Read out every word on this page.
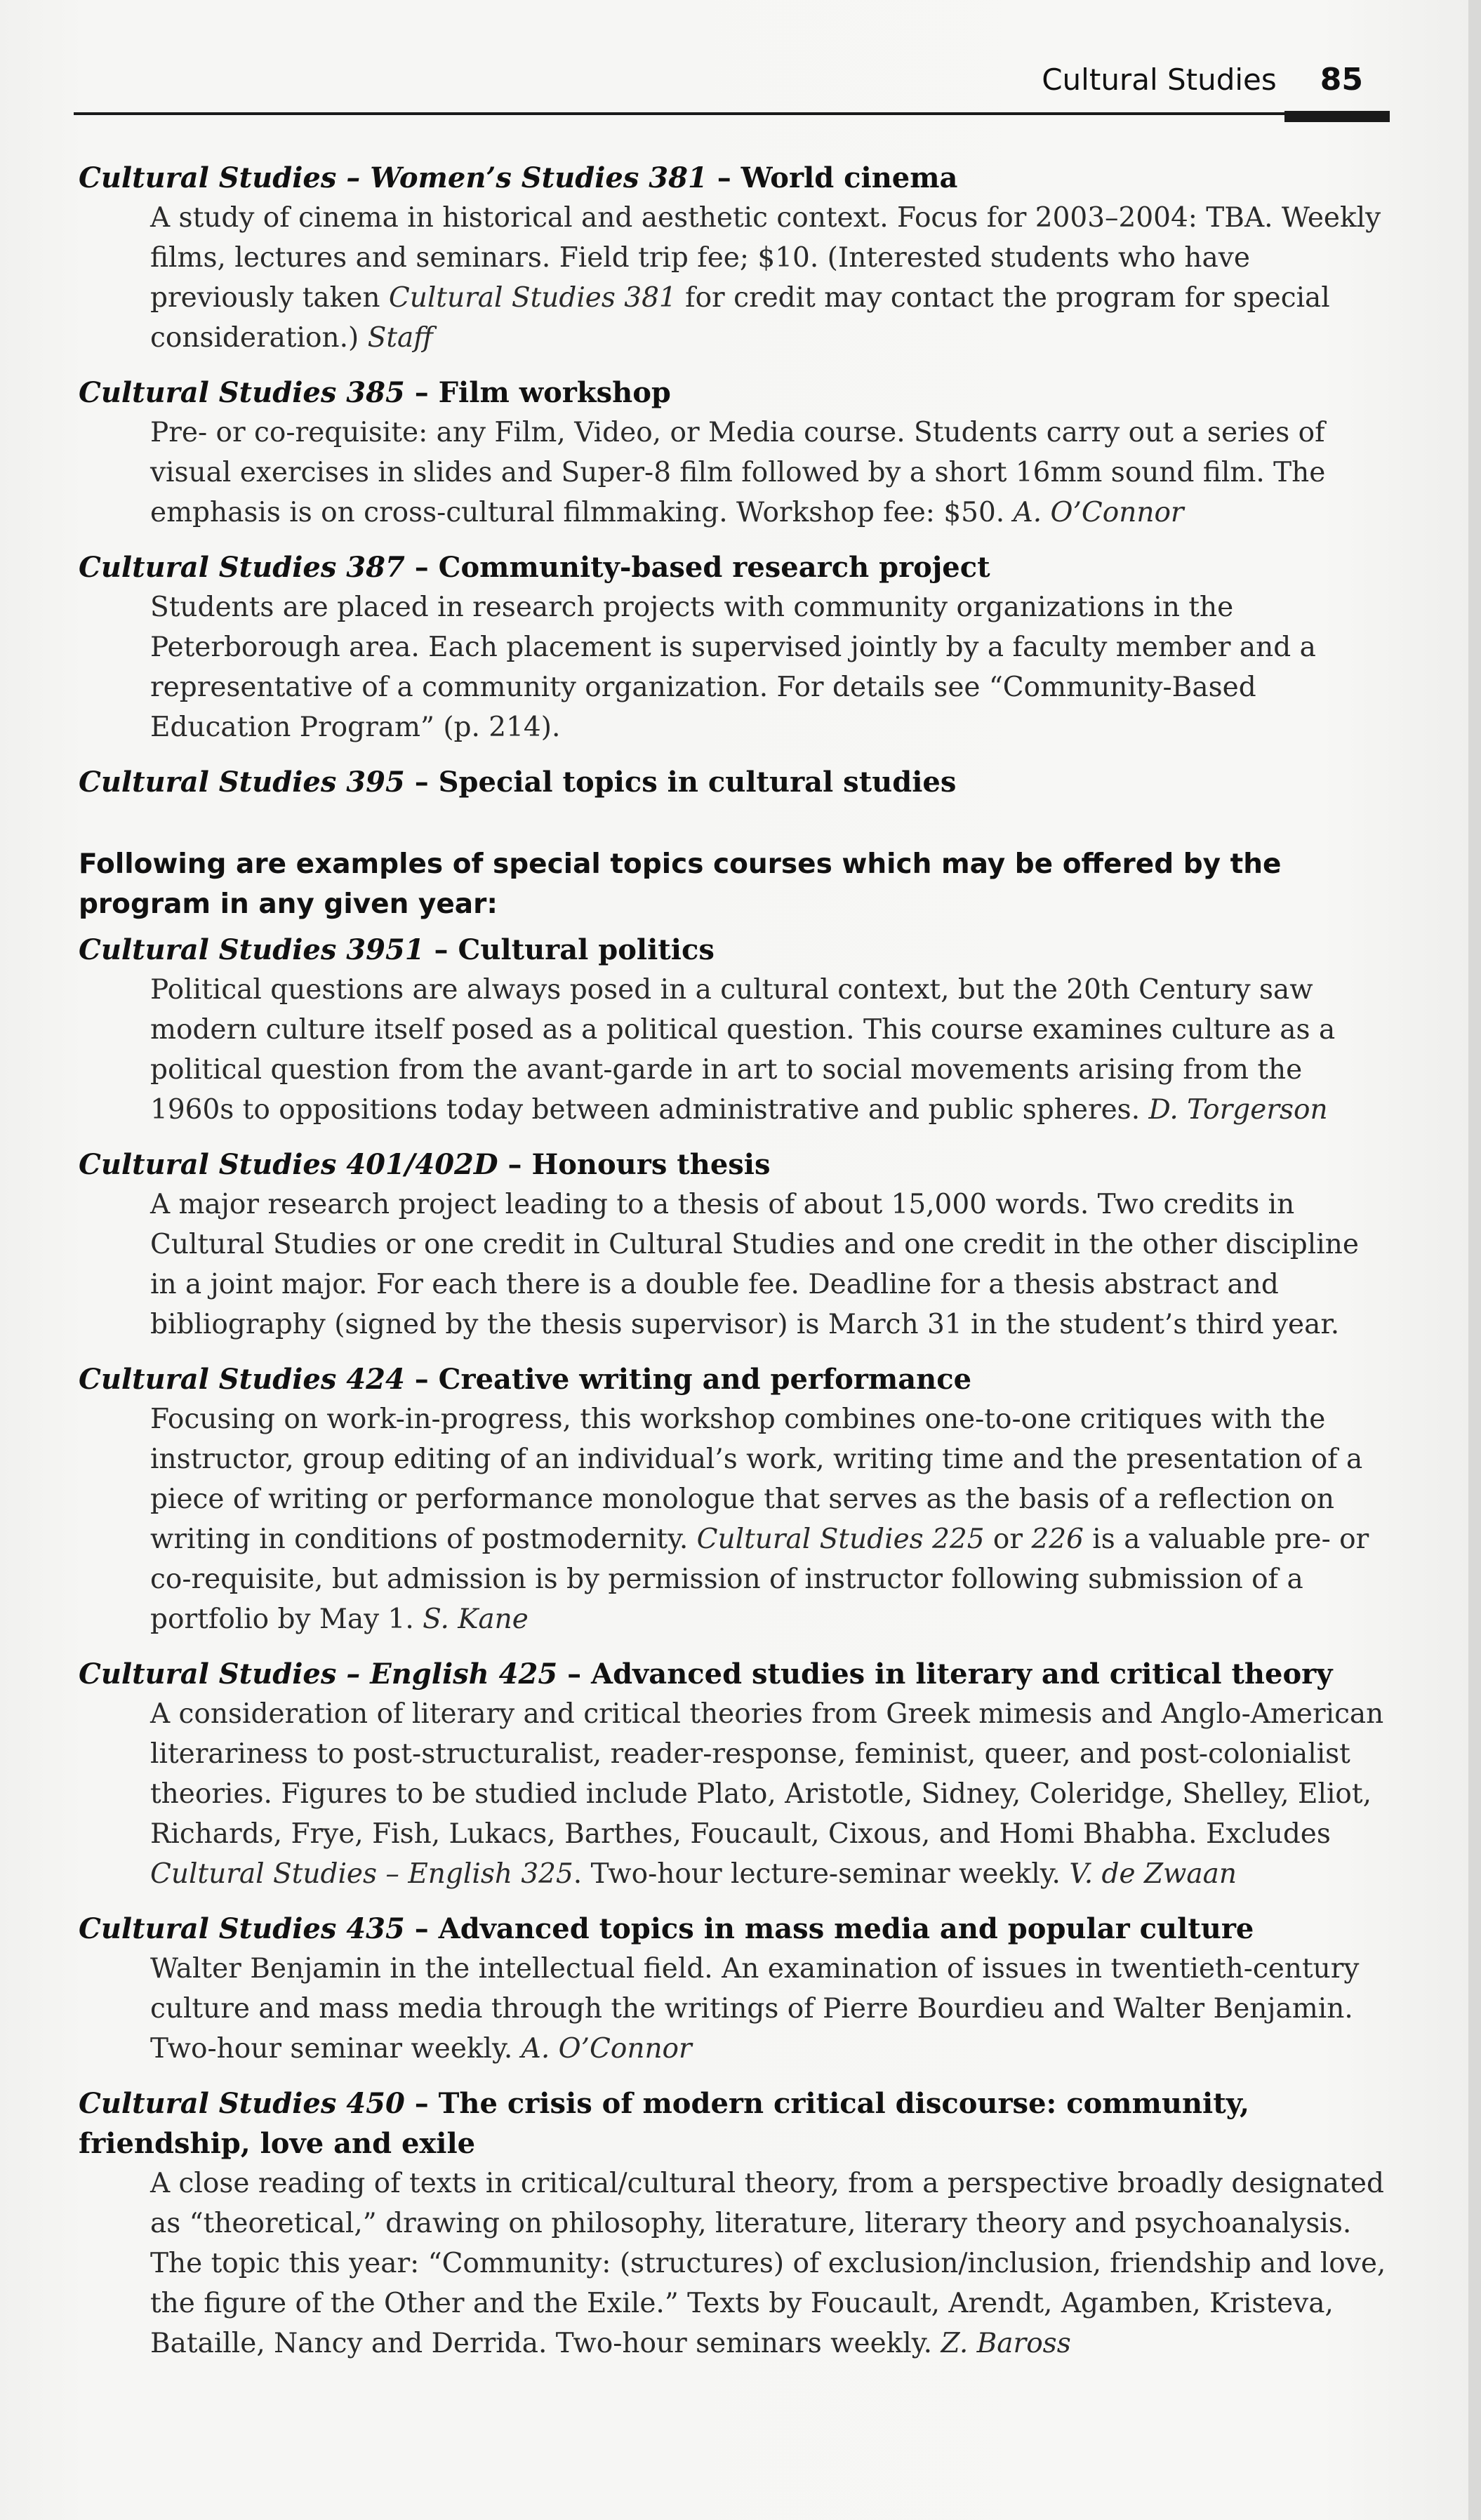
Cultural Studies 85
Cultural Studies – Women’s Studies 381 – World cinema
A study of cinema in historical and aesthetic context. Focus for 2003–2004: TBA. Weekly films, lectures and seminars. Field trip fee; $10. (Interested students who have previously taken Cultural Studies 381 for credit may contact the program for special consideration.) Staff
Cultural Studies 385 – Film workshop
Pre- or co-requisite: any Film, Video, or Media course. Students carry out a series of visual exercises in slides and Super-8 film followed by a short 16mm sound film. The emphasis is on cross-cultural filmmaking. Workshop fee: $50. A. O’Connor
Cultural Studies 387 – Community-based research project
Students are placed in research projects with community organizations in the Peterborough area. Each placement is supervised jointly by a faculty member and a representative of a community organization. For details see “Community-Based Education Program” (p. 214).
Cultural Studies 395 – Special topics in cultural studies
Following are examples of special topics courses which may be offered by the program in any given year:
Cultural Studies 3951 – Cultural politics
Political questions are always posed in a cultural context, but the 20th Century saw modern culture itself posed as a political question. This course examines culture as a political question from the avant-garde in art to social movements arising from the 1960s to oppositions today between administrative and public spheres. D. Torgerson
Cultural Studies 401/402D – Honours thesis
A major research project leading to a thesis of about 15,000 words. Two credits in Cultural Studies or one credit in Cultural Studies and one credit in the other discipline in a joint major. For each there is a double fee. Deadline for a thesis abstract and bibliography (signed by the thesis supervisor) is March 31 in the student’s third year.
Cultural Studies 424 – Creative writing and performance
Focusing on work-in-progress, this workshop combines one-to-one critiques with the instructor, group editing of an individual’s work, writing time and the presentation of a piece of writing or performance monologue that serves as the basis of a reflection on writing in conditions of postmodernity. Cultural Studies 225 or 226 is a valuable pre- or co-requisite, but admission is by permission of instructor following submission of a portfolio by May 1. S. Kane
Cultural Studies – English 425 – Advanced studies in literary and critical theory
A consideration of literary and critical theories from Greek mimesis and Anglo-American literariness to post-structuralist, reader-response, feminist, queer, and post-colonialist theories. Figures to be studied include Plato, Aristotle, Sidney, Coleridge, Shelley, Eliot, Richards, Frye, Fish, Lukacs, Barthes, Foucault, Cixous, and Homi Bhabha. Excludes Cultural Studies – English 325. Two-hour lecture-seminar weekly. V. de Zwaan
Cultural Studies 435 – Advanced topics in mass media and popular culture
Walter Benjamin in the intellectual field. An examination of issues in twentieth-century culture and mass media through the writings of Pierre Bourdieu and Walter Benjamin. Two-hour seminar weekly. A. O’Connor
Cultural Studies 450 – The crisis of modern critical discourse: community, friendship, love and exile
A close reading of texts in critical/cultural theory, from a perspective broadly designated as “theoretical,” drawing on philosophy, literature, literary theory and psychoanalysis. The topic this year: “Community: (structures) of exclusion/inclusion, friendship and love, the figure of the Other and the Exile.” Texts by Foucault, Arendt, Agamben, Kristeva, Bataille, Nancy and Derrida. Two-hour seminars weekly. Z. Baross
